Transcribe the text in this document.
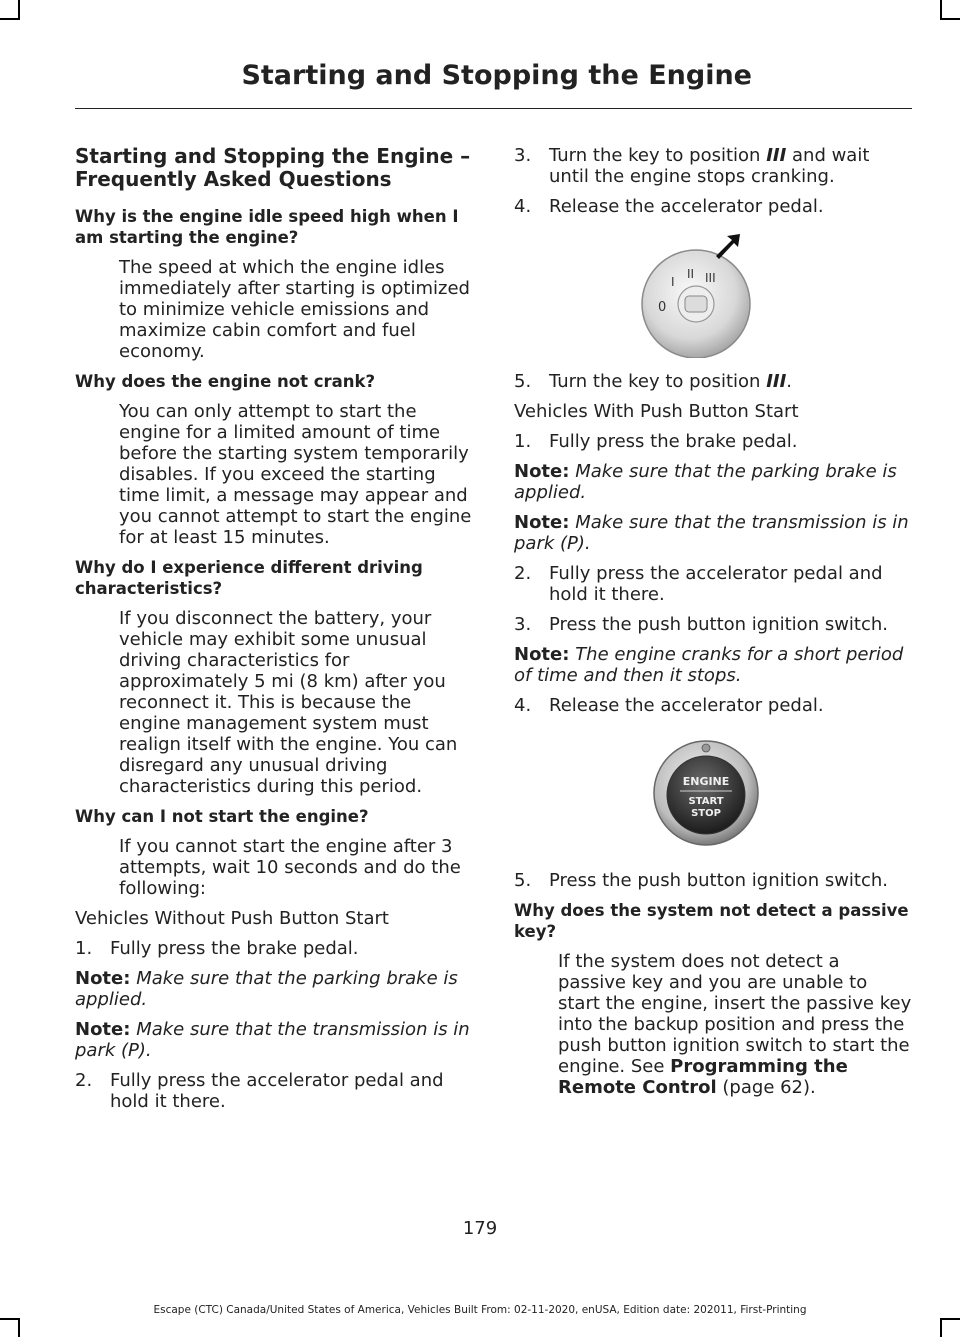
Starting and Stopping the Engine
Starting and Stopping the Engine – Frequently Asked Questions
Why is the engine idle speed high when I am starting the engine?

The speed at which the engine idles immediately after starting is optimized to minimize vehicle emissions and maximize cabin comfort and fuel economy.

Why does the engine not crank?

You can only attempt to start the engine for a limited amount of time before the starting system temporarily disables. If you exceed the starting time limit, a message may appear and you cannot attempt to start the engine for at least 15 minutes.

Why do I experience different driving characteristics?

If you disconnect the battery, your vehicle may exhibit some unusual driving characteristics for approximately 5 mi (8 km) after you reconnect it. This is because the engine management system must realign itself with the engine. You can disregard any unusual driving characteristics during this period.

Why can I not start the engine?

If you cannot start the engine after 3 attempts, wait 10 seconds and do the following:

Vehicles Without Push Button Start

1. Fully press the brake pedal.

Note: Make sure that the parking brake is applied.

Note: Make sure that the transmission is in park (P).

2. Fully press the accelerator pedal and hold it there.
3. Turn the key to position III and wait until the engine stops cranking.
4. Release the accelerator pedal.
0
I
II III
5. Turn the key to position III.

Vehicles With Push Button Start

1. Fully press the brake pedal.

Note: Make sure that the parking brake is applied.

Note: Make sure that the transmission is in park (P).

2. Fully press the accelerator pedal and hold it there.
3. Press the push button ignition switch.

Note: The engine cranks for a short period of time and then it stops.

4. Release the accelerator pedal.
ENGINE
START
STOP
5. Press the push button ignition switch.
Why does the system not detect a passive key?

If the system does not detect a passive key and you are unable to start the engine, insert the passive key into the backup position and press the push button ignition switch to start the engine. See Programming the Remote Control (page 62).

179
Escape (CTC) Canada/United States of America, Vehicles Built From: 02-11-2020, enUSA, Edition date: 202011, First-Printing
